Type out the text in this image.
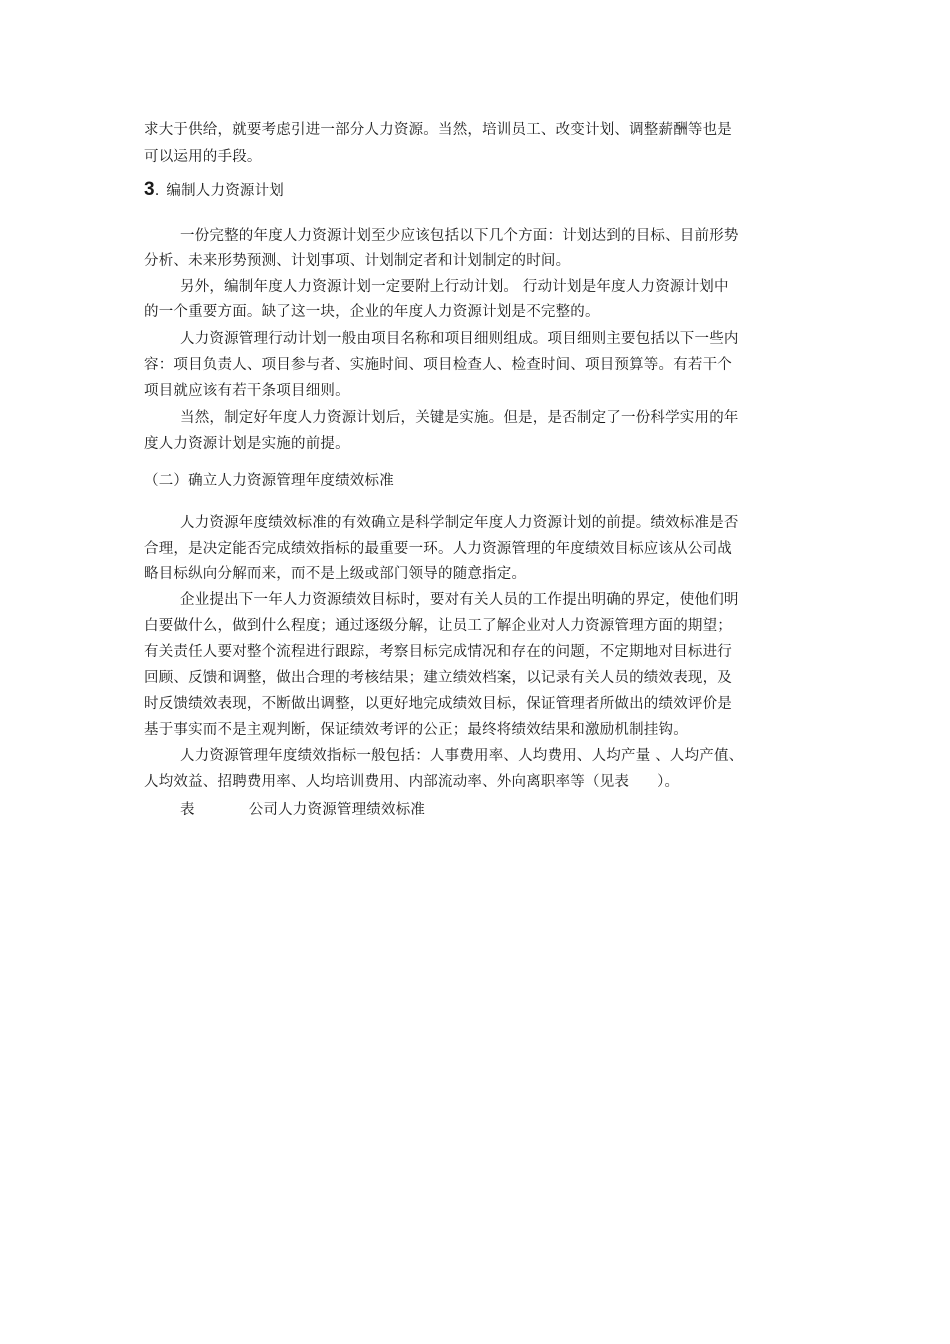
求大于供给，就要考虑引进一部分人力资源。当然，培训员工、改变计划、调整薪酬等也是
可以运用的手段。
3. 编制人力资源计划
一份完整的年度人力资源计划至少应该包括以下几个方面：计划达到的目标、目前形势
分析、未来形势预测、计划事项、计划制定者和计划制定的时间。
另外，编制年度人力资源计划一定要附上行动计划。 行动计划是年度人力资源计划中
的一个重要方面。缺了这一块，企业的年度人力资源计划是不完整的。
人力资源管理行动计划一般由项目名称和项目细则组成。项目细则主要包括以下一些内
容：项目负责人、项目参与者、实施时间、项目检查人、检查时间、项目预算等。有若干个
项目就应该有若干条项目细则。
当然，制定好年度人力资源计划后，关键是实施。但是，是否制定了一份科学实用的年
度人力资源计划是实施的前提。
（二）确立人力资源管理年度绩效标准
人力资源年度绩效标准的有效确立是科学制定年度人力资源计划的前提。绩效标准是否
合理，是决定能否完成绩效指标的最重要一环。人力资源管理的年度绩效目标应该从公司战
略目标纵向分解而来，而不是上级或部门领导的随意指定。
企业提出下一年人力资源绩效目标时，要对有关人员的工作提出明确的界定，使他们明
白要做什么，做到什么程度；通过逐级分解，让员工了解企业对人力资源管理方面的期望；
有关责任人要对整个流程进行跟踪，考察目标完成情况和存在的问题，不定期地对目标进行
回顾、反馈和调整，做出合理的考核结果；建立绩效档案，以记录有关人员的绩效表现，及
时反馈绩效表现，不断做出调整，以更好地完成绩效目标，保证管理者所做出的绩效评价是
基于事实而不是主观判断，保证绩效考评的公正；最终将绩效结果和激励机制挂钩。
人力资源管理年度绩效指标一般包括：人事费用率、人均费用、人均产量 、人均产值、
人均效益、招聘费用率、人均培训费用、内部流动率、外向离职率等（见表 ）。
表	公司人力资源管理绩效标准
